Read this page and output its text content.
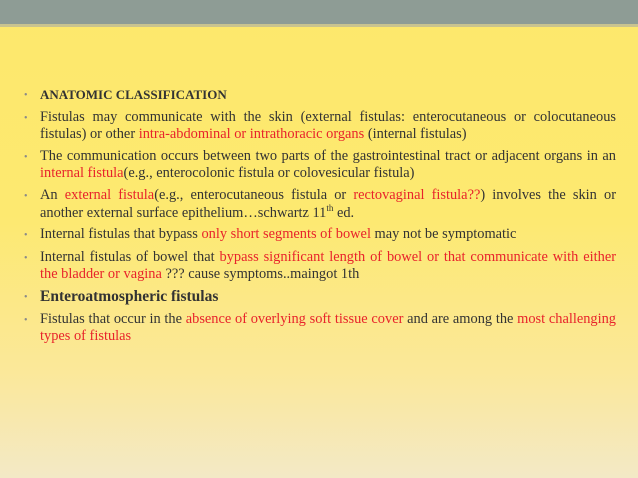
• ANATOMIC CLASSIFICATION
• Fistulas may communicate with the skin (external fistulas: enterocutaneous or colocutaneous fistulas) or other intra-abdominal or intrathoracic organs (internal fistulas)
• The communication occurs between two parts of the gastrointestinal tract or adjacent organs in an internal fistula(e.g., enterocolonic fistula or colovesicular fistula)
• An external fistula(e.g., enterocutaneous fistula or rectovaginal fistula??) involves the skin or another external surface epithelium…schwartz 11th ed.
• Internal fistulas that bypass only short segments of bowel may not be symptomatic
• Internal fistulas of bowel that bypass significant length of bowel or that communicate with either the bladder or vagina ??? cause symptoms..maingot 1th
• Enteroatmospheric fistulas
• Fistulas that occur in the absence of overlying soft tissue cover and are among the most challenging types of fistulas
